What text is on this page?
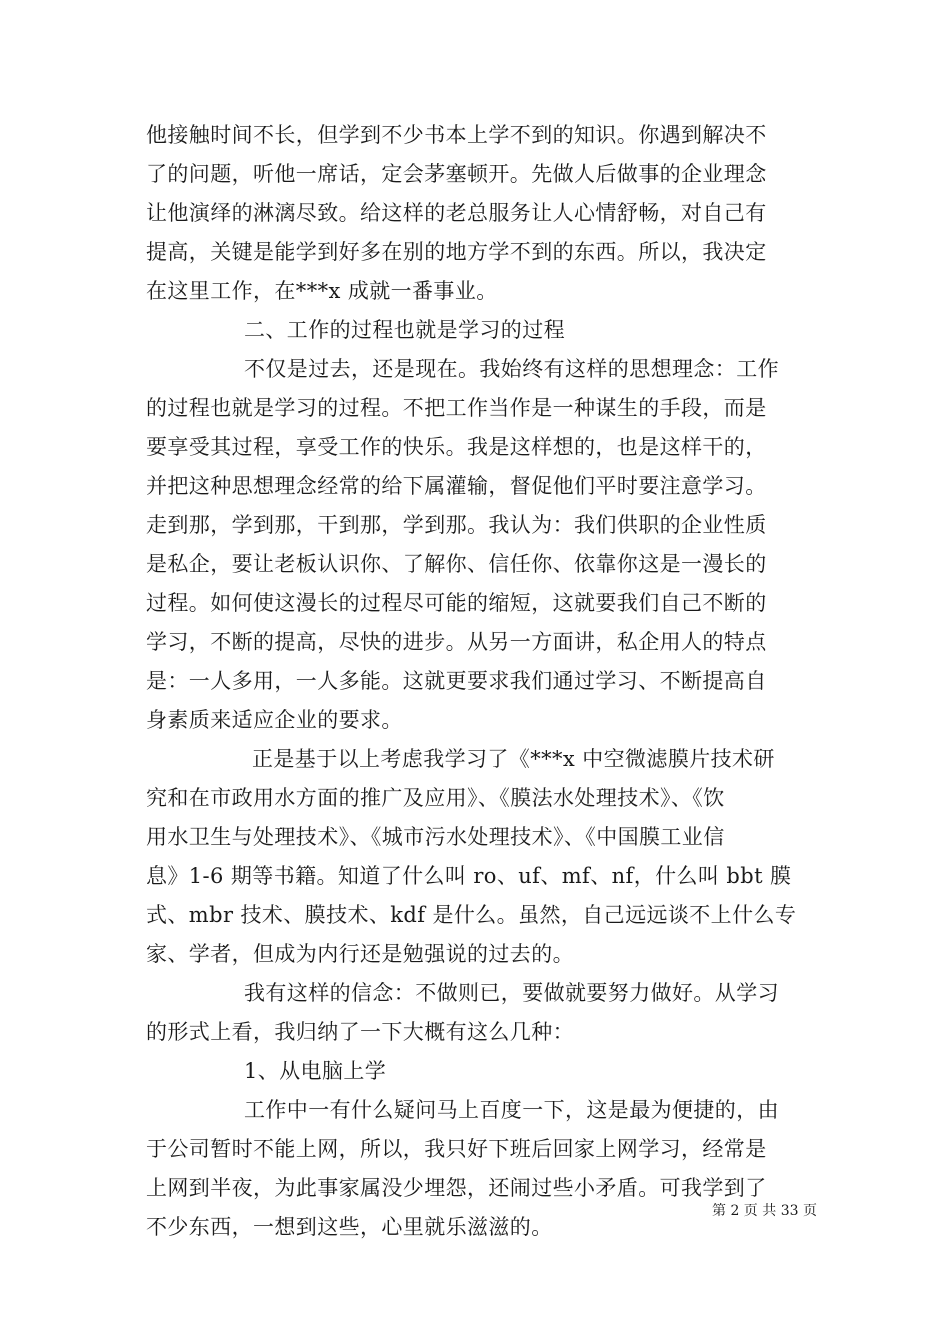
他接触时间不长，但学到不少书本上学不到的知识。你遇到解决不
了的问题，听他一席话，定会茅塞顿开。先做人后做事的企业理念
让他演绎的淋漓尽致。给这样的老总服务让人心情舒畅，对自己有
提高，关键是能学到好多在别的地方学不到的东西。所以，我决定
在这里工作，在***x 成就一番事业。
二、工作的过程也就是学习的过程
不仅是过去，还是现在。我始终有这样的思想理念：工作
的过程也就是学习的过程。不把工作当作是一种谋生的手段，而是
要享受其过程，享受工作的快乐。我是这样想的，也是这样干的，
并把这种思想理念经常的给下属灌输，督促他们平时要注意学习。
走到那，学到那，干到那，学到那。我认为：我们供职的企业性质
是私企，要让老板认识你、了解你、信任你、依靠你这是一漫长的
过程。如何使这漫长的过程尽可能的缩短，这就要我们自己不断的
学习，不断的提高，尽快的进步。从另一方面讲，私企用人的特点
是：一人多用，一人多能。这就更要求我们通过学习、不断提高自
身素质来适应企业的要求。
正是基于以上考虑我学习了《***x 中空微滤膜片技术研
究和在市政用水方面的推广及应用》、《膜法水处理技术》、《饮
用水卫生与处理技术》、《城市污水处理技术》、《中国膜工业信
息》1-6 期等书籍。知道了什么叫 ro、uf、mf、nf，什么叫 bbt 膜
式、mbr 技术、膜技术、kdf 是什么。虽然，自己远远谈不上什么专
家、学者，但成为内行还是勉强说的过去的。
我有这样的信念：不做则已，要做就要努力做好。从学习
的形式上看，我归纳了一下大概有这么几种：
1、从电脑上学
工作中一有什么疑问马上百度一下，这是最为便捷的，由
于公司暂时不能上网，所以，我只好下班后回家上网学习，经常是
上网到半夜，为此事家属没少埋怨，还闹过些小矛盾。可我学到了
不少东西，一想到这些，心里就乐滋滋的。
第 2 页 共 33 页
